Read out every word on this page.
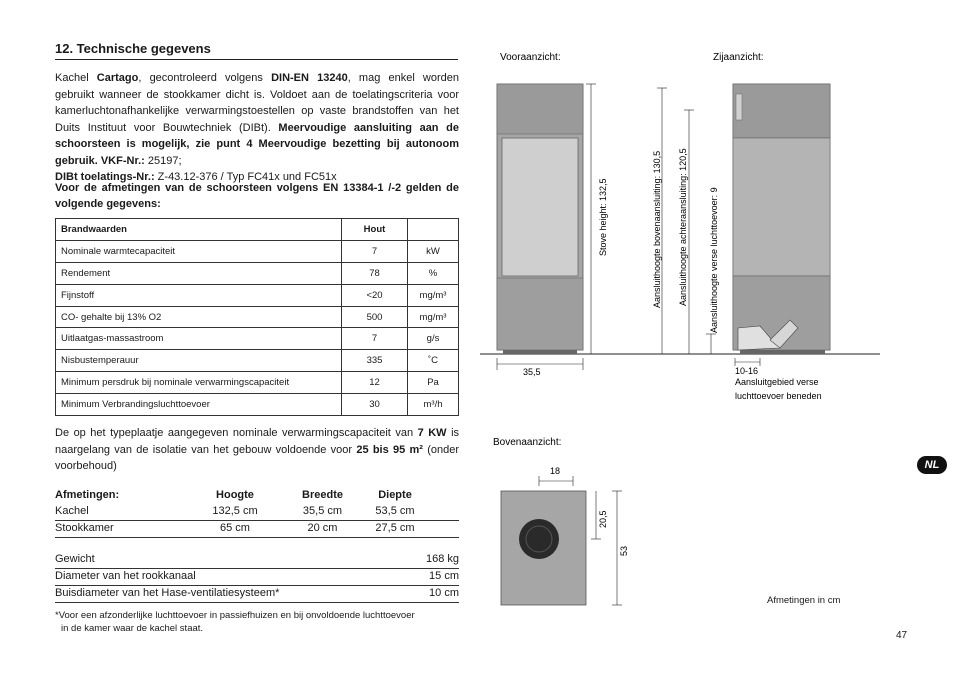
12. Technische gegevens
Kachel Cartago, gecontroleerd volgens DIN-EN 13240, mag enkel worden gebruikt wanneer de stookkamer dicht is. Voldoet aan de toelatingscriteria voor kamerluchtonafhankelijke verwarmingstoestellen op vaste brandstoffen van het Duits Instituut voor Bouwtechniek (DIBt). Meervoudige aansluiting aan de schoorsteen is mogelijk, zie punt 4 Meervoudige bezetting bij autonoom gebruik. VKF-Nr.: 25197;
DIBt toelatings-Nr.: Z-43.12-376 / Typ FC41x und FC51x
Voor de afmetingen van de schoorsteen volgens EN 13384-1 /-2 gelden de volgende gegevens:
Brandwaarden	Hout	
Nominale warmtecapaciteit	7	kW
Rendement	78	%
Fijnstoff	<20	mg/m³
CO- gehalte bij 13% O2	500	mg/m³
Uitlaatgas-massastroom	7	g/s
Nisbustemperauur	335	˚C
Minimum persdruk bij nominale verwarmingscapaciteit	12	Pa
Minimum Verbrandingsluchttoevoer	30	m³/h
De op het typeplaatje aangegeven nominale verwarmingscapaciteit van 7 KW is naargelang van de isolatie van het gebouw voldoende voor 25 bis 95 m² (onder voorbehoud)
Afmetingen:	Hoogte	Breedte	Diepte
Kachel	132,5 cm	35,5 cm	53,5 cm
Stookkamer	65 cm	20 cm	27,5 cm
Gewicht	168 kg
Diameter van het rookkanaal	15 cm
Buisdiameter van het Hase-ventilatiesysteem*	10 cm
*Voor een afzonderlijke luchttoevoer in passiefhuizen en bij onvoldoende luchttoevoer
in de kamer waar de kachel staat.
Vooraanzicht:	Zijaanzicht:
Bovenaanzicht:
35,5
Stove height: 132,5	Aansluithoogte bovenaansluiting: 130,5 Aansluithoogte achteraansluiting: 120,5 Aansluithoogte verse luchttoevoer: 9
10-16
Aansluitgebied verse
luchttoevoer beneden
18
20,5
53
Afmetingen in cm
NL
47
